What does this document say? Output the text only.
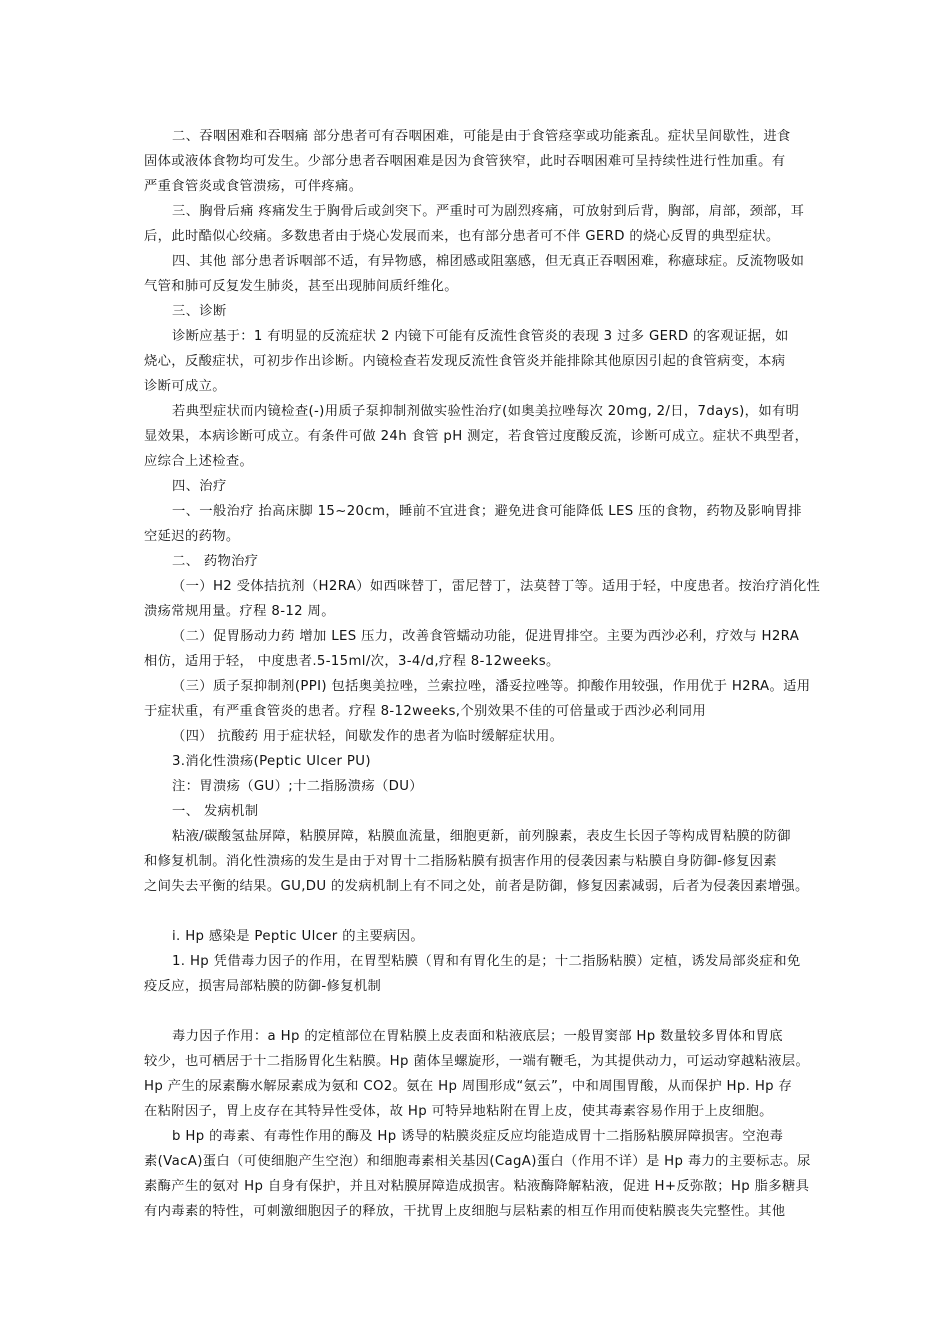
二、吞咽困难和吞咽痛 部分患者可有吞咽困难，可能是由于食管痉挛或功能紊乱。症状呈间歇性，进食

固体或液体食物均可发生。少部分患者吞咽困难是因为食管狭窄，此时吞咽困难可呈持续性进行性加重。有

严重食管炎或食管溃疡，可伴疼痛。

三、胸骨后痛 疼痛发生于胸骨后或剑突下。严重时可为剧烈疼痛，可放射到后背，胸部，肩部，颈部，耳

后，此时酷似心绞痛。多数患者由于烧心发展而来，也有部分患者可不伴 GERD 的烧心反胃的典型症状。

四、其他 部分患者诉咽部不适，有异物感，棉团感或阻塞感，但无真正吞咽困难，称癔球症。反流物吸如

气管和肺可反复发生肺炎，甚至出现肺间质纤维化。

三、诊断

诊断应基于：1 有明显的反流症状 2 内镜下可能有反流性食管炎的表现 3 过多 GERD 的客观证据，如

烧心，反酸症状，可初步作出诊断。内镜检查若发现反流性食管炎并能排除其他原因引起的食管病变，本病

诊断可成立。

若典型症状而内镜检查(-)用质子泵抑制剂做实验性治疗(如奥美拉唑每次 20mg, 2/日，7days)，如有明

显效果，本病诊断可成立。有条件可做 24h 食管 pH 测定，若食管过度酸反流，诊断可成立。症状不典型者，

应综合上述检查。

四、治疗

一、一般治疗 抬高床脚 15~20cm，睡前不宜进食；避免进食可能降低 LES 压的食物，药物及影响胃排

空延迟的药物。

二、 药物治疗

（一）H2 受体拮抗剂（H2RA）如西咪替丁，雷尼替丁，法莫替丁等。适用于轻，中度患者。按治疗消化性

溃疡常规用量。疗程 8-12 周。

（二）促胃肠动力药 增加 LES 压力，改善食管蠕动功能，促进胃排空。主要为西沙必利，疗效与 H2RA

相仿，适用于轻， 中度患者.5-15ml/次，3-4/d,疗程 8-12weeks。

（三）质子泵抑制剂(PPI) 包括奥美拉唑，兰索拉唑，潘妥拉唑等。抑酸作用较强，作用优于 H2RA。适用

于症状重，有严重食管炎的患者。疗程 8-12weeks,个别效果不佳的可倍量或于西沙必利同用

（四） 抗酸药 用于症状轻，间歇发作的患者为临时缓解症状用。

3.消化性溃疡(Peptic Ulcer PU)

注：胃溃疡（GU）;十二指肠溃疡（DU）

一、 发病机制

粘液/碳酸氢盐屏障，粘膜屏障，粘膜血流量，细胞更新，前列腺素，表皮生长因子等构成胃粘膜的防御

和修复机制。消化性溃疡的发生是由于对胃十二指肠粘膜有损害作用的侵袭因素与粘膜自身防御-修复因素

之间失去平衡的结果。GU,DU 的发病机制上有不同之处，前者是防御，修复因素减弱，后者为侵袭因素增强。

i. Hp 感染是 Peptic Ulcer 的主要病因。

1. Hp 凭借毒力因子的作用，在胃型粘膜（胃和有胃化生的是；十二指肠粘膜）定植，诱发局部炎症和免

疫反应，损害局部粘膜的防御-修复机制

毒力因子作用：a Hp 的定植部位在胃粘膜上皮表面和粘液底层；一般胃窦部 Hp 数量较多胃体和胃底

较少，也可栖居于十二指肠胃化生粘膜。Hp 菌体呈螺旋形，一端有鞭毛，为其提供动力，可运动穿越粘液层。

Hp 产生的尿素酶水解尿素成为氨和 CO2。氨在 Hp 周围形成“氨云”，中和周围胃酸，从而保护 Hp. Hp 存

在粘附因子，胃上皮存在其特异性受体，故 Hp 可特异地粘附在胃上皮，使其毒素容易作用于上皮细胞。

b Hp 的毒素、有毒性作用的酶及 Hp 诱导的粘膜炎症反应均能造成胃十二指肠粘膜屏障损害。空泡毒

素(VacA)蛋白（可使细胞产生空泡）和细胞毒素相关基因(CagA)蛋白（作用不详）是 Hp 毒力的主要标志。尿

素酶产生的氨对 Hp 自身有保护，并且对粘膜屏障造成损害。粘液酶降解粘液，促进 H+反弥散；Hp 脂多糖具

有内毒素的特性，可刺激细胞因子的释放，干扰胃上皮细胞与层粘素的相互作用而使粘膜丧失完整性。其他
